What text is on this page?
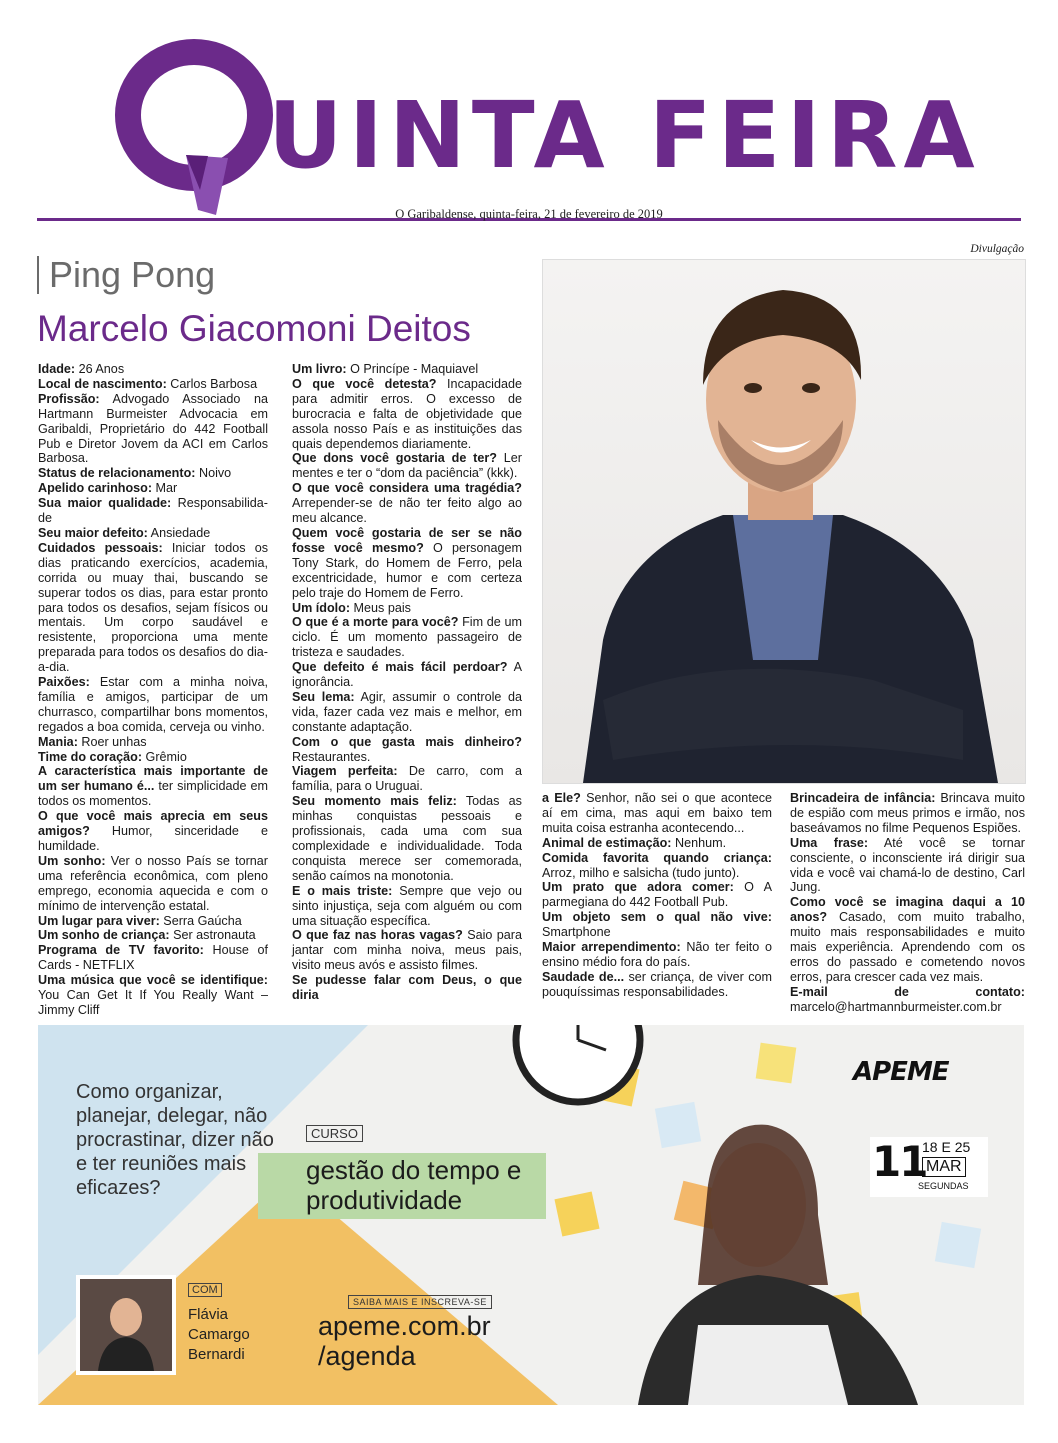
UINTA FEIRA
O Garibaldense, quinta-feira, 21 de fevereiro de 2019
Divulgação
Ping Pong
Marcelo Giacomoni Deitos

Idade: 26 Anos

Local de nascimento: Carlos Barbosa

Profissão: Advogado Associado na Hartmann Burmeister Advocacia em Garibaldi, Proprietário do 442 Football Pub e Diretor Jovem da ACI em Carlos Barbosa.

Status de relacionamento: Noivo

Apelido carinhoso: Mar

Sua maior qualidade: Responsabilida-de

Seu maior defeito: Ansiedade

Cuidados pessoais: Iniciar todos os dias praticando exercícios, academia, corrida ou muay thai, buscando se superar todos os dias, para estar pronto para todos os desafios, sejam físicos ou mentais. Um corpo saudável e resistente, proporciona uma mente preparada para todos os desafios do dia-a-dia.

Paixões: Estar com a minha noiva, família e amigos, participar de um churrasco, compartilhar bons momentos, regados a boa comida, cerveja ou vinho.

Mania: Roer unhas

Time do coração: Grêmio

A característica mais importante de um ser humano é... ter simplicidade em todos os momentos.

O que você mais aprecia em seus amigos? Humor, sinceridade e humildade.

Um sonho: Ver o nosso País se tornar uma referência econômica, com pleno emprego, economia aquecida e com o mínimo de intervenção estatal.

Um lugar para viver: Serra Gaúcha

Um sonho de criança: Ser astronauta

Programa de TV favorito: House of Cards - NETFLIX

Uma música que você se identifique: You Can Get It If You Really Want – Jimmy Cliff

Um livro: O Princípe - Maquiavel

O que você detesta? Incapacidade para admitir erros. O excesso de burocracia e falta de objetividade que assola nosso País e as instituições das quais dependemos diariamente.

Que dons você gostaria de ter? Ler mentes e ter o “dom da paciência” (kkk).

O que você considera uma tragédia? Arrepender-se de não ter feito algo ao meu alcance.

Quem você gostaria de ser se não fosse você mesmo? O personagem Tony Stark, do Homem de Ferro, pela excentricidade, humor e com certeza pelo traje do Homem de Ferro.

Um ídolo: Meus pais

O que é a morte para você? Fim de um ciclo. É um momento passageiro de tristeza e saudades.

Que defeito é mais fácil perdoar? A ignorância.

Seu lema: Agir, assumir o controle da vida, fazer cada vez mais e melhor, em constante adaptação.

Com o que gasta mais dinheiro? Restaurantes.

Viagem perfeita: De carro, com a família, para o Uruguai.

Seu momento mais feliz: Todas as minhas conquistas pessoais e profissionais, cada uma com sua complexidade e individualidade. Toda conquista merece ser comemorada, senão caímos na monotonia.

E o mais triste: Sempre que vejo ou sinto injustiça, seja com alguém ou com uma situação específica.

O que faz nas horas vagas? Saio para jantar com minha noiva, meus pais, visito meus avós e assisto filmes.

Se pudesse falar com Deus, o que diria

a Ele? Senhor, não sei o que acontece aí em cima, mas aqui em baixo tem muita coisa estranha acontecendo...

Animal de estimação: Nenhum.

Comida favorita quando criança: Arroz, milho e salsicha (tudo junto).

Um prato que adora comer: O A parmegiana do 442 Football Pub.

Um objeto sem o qual não vive: Smartphone

Maior arrependimento: Não ter feito o ensino médio fora do país.

Saudade de... ser criança, de viver com pouquíssimas responsabilidades.

Brincadeira de infância: Brincava muito de espião com meus primos e irmão, nos baseávamos no filme Pequenos Espiões.

Uma frase: Até você se tornar consciente, o inconsciente irá dirigir sua vida e você vai chamá-lo de destino, Carl Jung.

Como você se imagina daqui a 10 anos? Casado, com muito trabalho, muito mais responsabilidades e muito mais experiência. Aprendendo com os erros do passado e cometendo novos erros, para crescer cada vez mais.

E-mail de contato: marcelo@hartmannburmeister.com.br

Como organizar, planejar, delegar, não procrastinar, dizer não e ter reuniões mais eficazes?
CURSO
gestão do tempo e produtividade
COM
Flávia Camargo Bernardi
SAIBA MAIS E INSCREVA-SE
apeme.com.br /agenda
APEME
11
18 E 25
MAR
SEGUNDAS
